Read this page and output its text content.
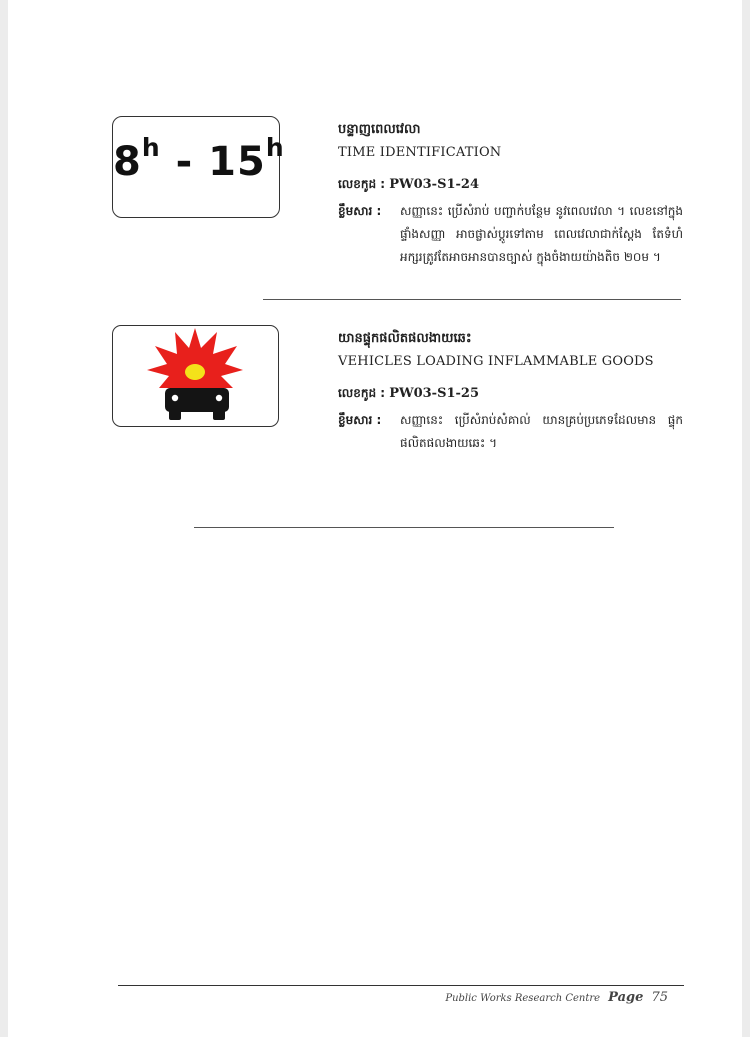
8$^h$ - 15$^h$
បន្ទាញពេលវេលា
TIME IDENTIFICATION
លេខកូដ : PW03-S1-24
ខ្លឹមសារ :	សញ្ញានេះ ប្រើសំរាប់ បញ្ជាក់បន្ថែម នូវពេលវេលា ។ លេខនៅក្នុងផ្ទាំងសញ្ញា អាចផ្លាស់ប្តូរទៅតាម ពេលវេលាជាក់ស្តែង តែទំហំអក្សរត្រូវតែអាចអានបានច្បាស់ ក្នុងចំងាយយ៉ាងតិច ២០ម ។
យានផ្ទុកផលិតផលងាយឆេះ
VEHICLES LOADING INFLAMMABLE GOODS
លេខកូដ : PW03-S1-25
ខ្លឹមសារ :	សញ្ញានេះ ប្រើសំរាប់សំគាល់ យានគ្រប់ប្រភេទដែលមាន ផ្ទុកផលិតផលងាយឆេះ ។
Public Works Research Centre Page 75
